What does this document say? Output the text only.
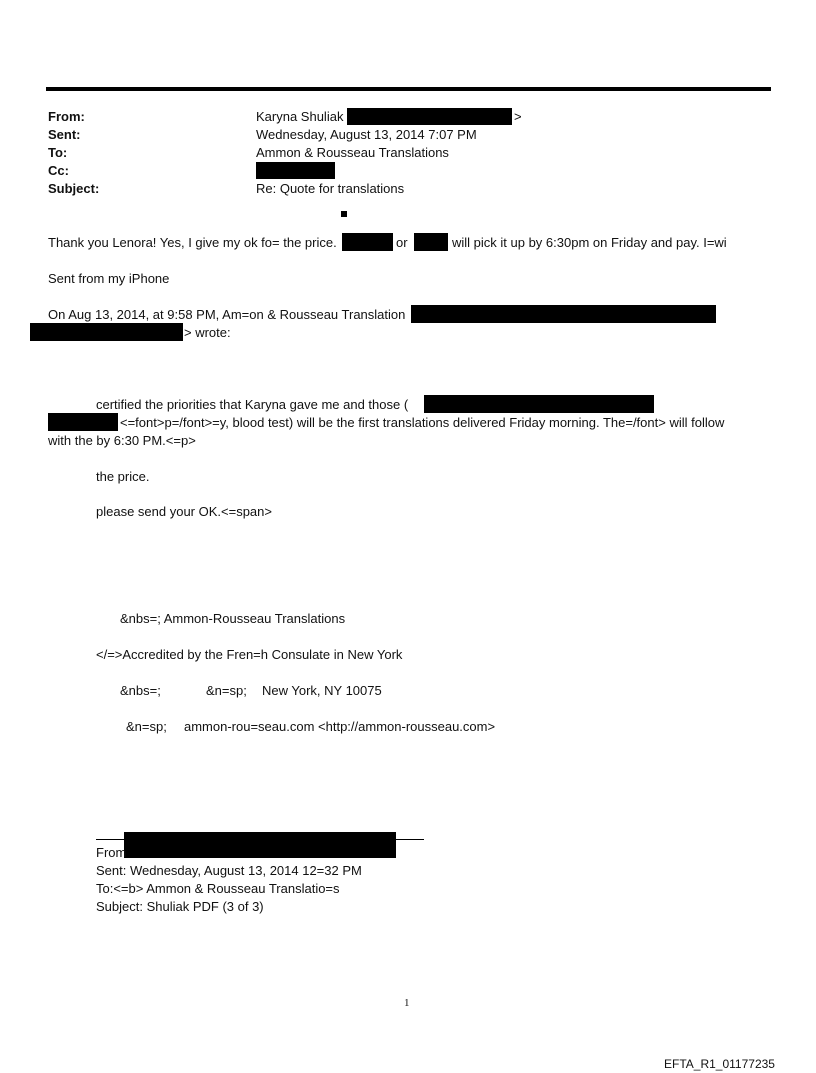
From:	Karyna Shuliak	>
Sent:	Wednesday, August 13, 2014 7:07 PM
To:	Ammon & Rousseau Translations
Cc:
Subject:	Re: Quote for translations
Thank you Lenora! Yes, I give my ok fo= the price.	or	will pick it up by 6:30pm on Friday and pay. I=wi
Sent from my iPhone
On Aug 13, 2014, at 9:58 PM, Am=on & Rousseau Translation
> wrote:
certified the priorities that Karyna gave me and those (
<=font>p=/font>=y, blood test) will be the first translations delivered Friday morning. The=/font> will follow
with the by 6:30 PM.<=p>
the price.
please send your OK.<=span>
&nbs=; Ammon-Rousseau Translations
</=>Accredited by the Fren=h Consulate in New York
&nbs=;	&n=sp; New York, NY 10075
&n=sp; ammon-rou=seau.com <http://ammon-rousseau.com>
From
Sent: Wednesday, August 13, 2014 12=32 PM
To:<=b> Ammon & Rousseau Translatio=s
Subject: Shuliak PDF (3 of 3)
1
EFTA_R1_01177235
